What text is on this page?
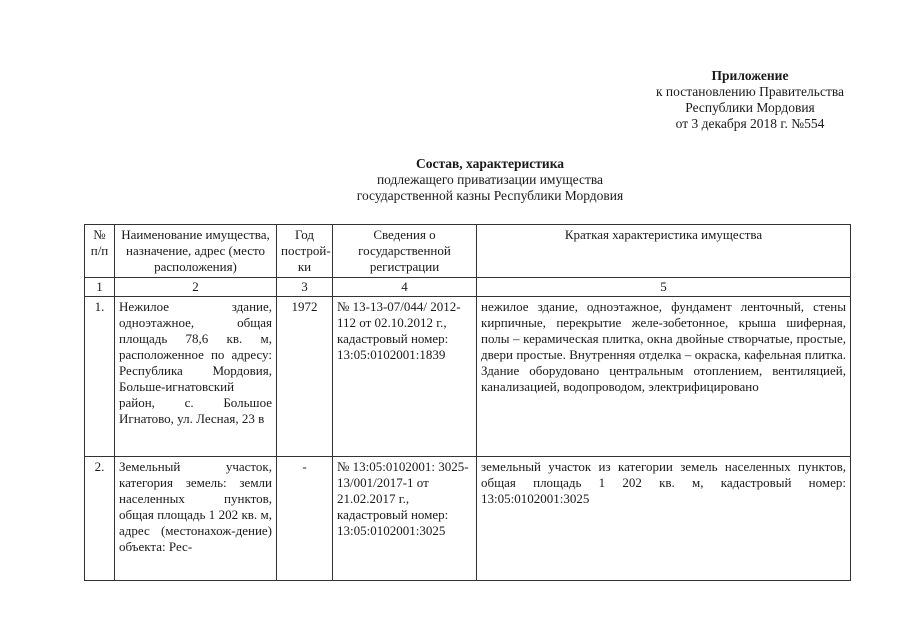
Приложение
к постановлению Правительства
Республики Мордовия
от 3 декабря 2018 г. №554
Состав, характеристика
подлежащего приватизации имущества
государственной казны Республики Мордовия
№ п/п	Наименование имущества, назначение, адрес (место расположения)	Год построй-ки	Сведения о государственной регистрации	Краткая характеристика имущества
1	2	3	4	5
1.	Нежилое здание, одноэтажное, общая площадь 78,6 кв. м, расположенное по адресу: Республика Мордовия, Больше-игнатовский район, с. Большое Игнатово, ул. Лесная, 23 в	1972	№ 13-13-07/044/ 2012-112 от 02.10.2012 г., кадастровый номер: 13:05:0102001:1839	нежилое здание, одноэтажное, фундамент ленточный, стены кирпичные, перекрытие желе-зобетонное, крыша шиферная, полы – керамическая плитка, окна двойные створчатые, простые, двери простые. Внутренняя отделка – окраска, кафельная плитка. Здание оборудовано центральным отоплением, вентиляцией, канализацией, водопроводом, электрифицировано
2.	Земельный участок, категория земель: земли населенных пунктов, общая площадь 1 202 кв. м, адрес (местонахож-дение) объекта: Рес-	-	№ 13:05:0102001: 3025-13/001/2017-1 от 21.02.2017 г., кадастровый номер: 13:05:0102001:3025	земельный участок из категории земель населенных пунктов, общая площадь 1 202 кв. м, кадастровый номер: 13:05:0102001:3025
